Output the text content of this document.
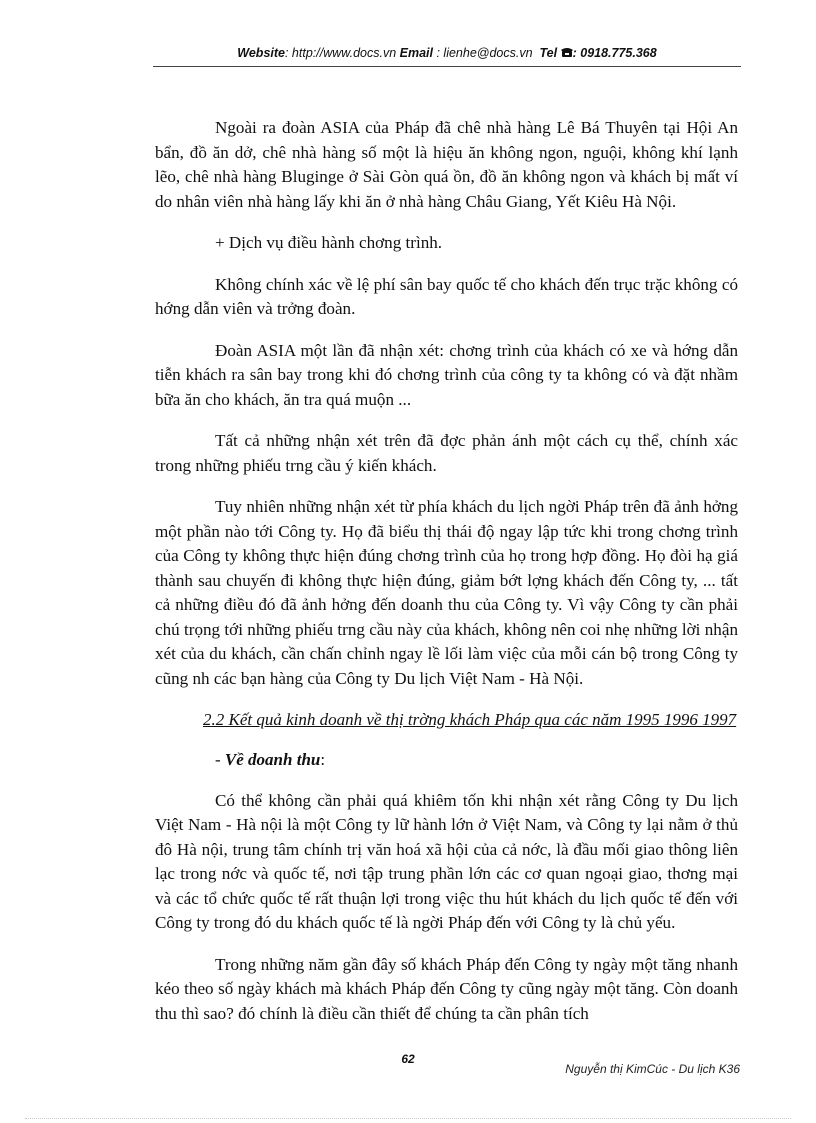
Website: http://www.docs.vn Email : lienhe@docs.vn Tel : 0918.775.368

Ngoài ra đoàn ASIA của Pháp đã chê nhà hàng Lê Bá Thuyên tại Hội An bẩn, đồ ăn dở, chê nhà hàng số một là hiệu ăn không ngon, nguội, không khí lạnh lẽo, chê nhà hàng Bluginge ở Sài Gòn quá ồn, đồ ăn không ngon và khách bị mất ví do nhân viên nhà hàng lấy khi ăn ở nhà hàng Châu Giang, Yết Kiêu Hà Nội.

+ Dịch vụ điều hành chơng trình.

Không chính xác về lệ phí sân bay quốc tế cho khách đến trục trặc không có hớng dẫn viên và trởng đoàn.

Đoàn ASIA một lần đã nhận xét: chơng trình của khách có xe và hớng dẫn tiễn khách ra sân bay trong khi đó chơng trình của công ty ta không có và đặt nhầm bữa ăn cho khách, ăn tra quá muộn ...

Tất cả những nhận xét trên đã đợc phản ánh một cách cụ thể, chính xác trong những phiếu trng cầu ý kiến khách.

Tuy nhiên những nhận xét từ phía khách du lịch ngời Pháp trên đã ảnh hởng một phần nào tới Công ty. Họ đã biểu thị thái độ ngay lập tức khi trong chơng trình của Công ty không thực hiện đúng chơng trình của họ trong hợp đồng. Họ đòi hạ giá thành sau chuyến đi không thực hiện đúng, giảm bớt lợng khách đến Công ty, ... tất cả những điều đó đã ảnh hởng đến doanh thu của Công ty. Vì vậy Công ty cần phải chú trọng tới những phiếu trng cầu này của khách, không nên coi nhẹ những lời nhận xét của du khách, cần chấn chỉnh ngay lề lối làm việc của mỗi cán bộ trong Công ty cũng nh các bạn hàng của Công ty Du lịch Việt Nam - Hà Nội.

2.2 Kết quả kinh doanh về thị trờng khách Pháp qua các năm 1995 1996 1997
- Về doanh thu:

Có thể không cần phải quá khiêm tốn khi nhận xét rằng Công ty Du lịch Việt Nam - Hà nội là một Công ty lữ hành lớn ở Việt Nam, và Công ty lại nằm ở thủ đô Hà nội, trung tâm chính trị văn hoá xã hội của cả nớc, là đầu mối giao thông liên lạc trong nớc và quốc tế, nơi tập trung phần lớn các cơ quan ngoại giao, thơng mại và các tổ chức quốc tế rất thuận lợi trong việc thu hút khách du lịch quốc tế đến với Công ty trong đó du khách quốc tế là ngời Pháp đến với Công ty là chủ yếu.

Trong những năm gần đây số khách Pháp đến Công ty ngày một tăng nhanh kéo theo số ngày khách mà khách Pháp đến Công ty cũng ngày một tăng. Còn doanh thu thì sao? đó chính là điều cần thiết để chúng ta cần phân tích

62
Nguyễn thị KimCúc - Du lịch K36
